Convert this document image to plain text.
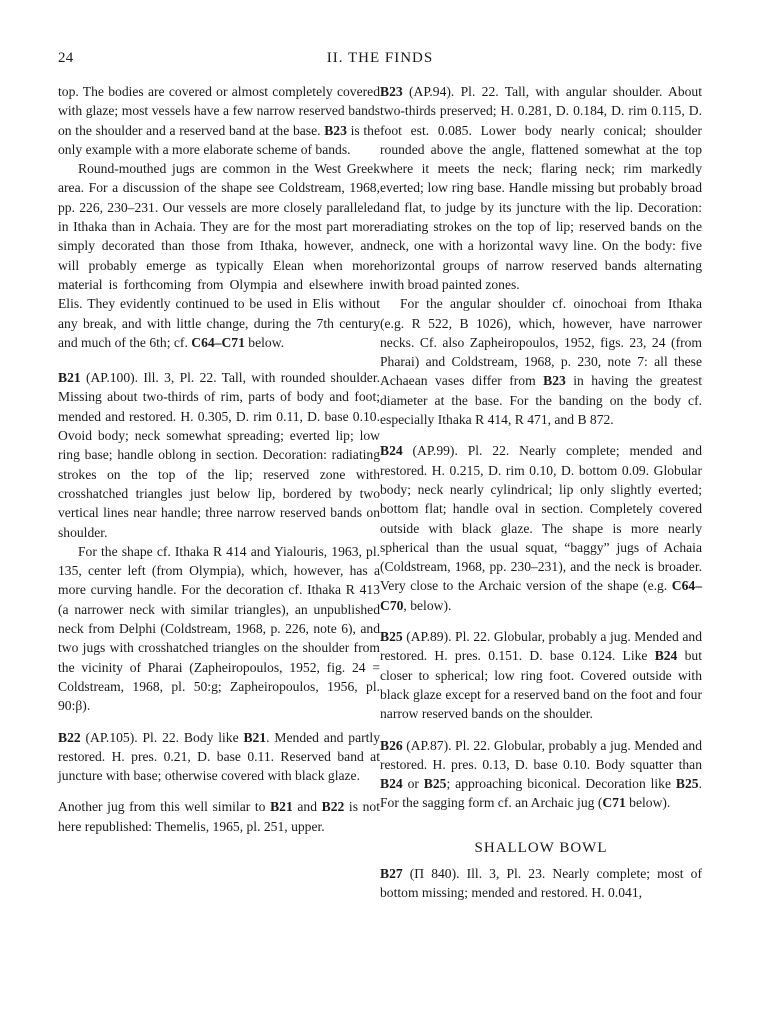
24	II. THE FINDS

top. The bodies are covered or almost completely covered with glaze; most vessels have a few narrow reserved bands on the shoulder and a reserved band at the base. B23 is the only example with a more elaborate scheme of bands.

Round-mouthed jugs are common in the West Greek area. For a discussion of the shape see Coldstream, 1968, pp. 226, 230–231. Our vessels are more closely paralleled in Ithaka than in Achaia. They are for the most part more simply decorated than those from Ithaka, however, and will probably emerge as typically Elean when more material is forthcoming from Olympia and elsewhere in Elis. They evidently continued to be used in Elis without any break, and with little change, during the 7th century and much of the 6th; cf. C64–C71 below.

B21 (AP.100). Ill. 3, Pl. 22. Tall, with rounded shoulder. Missing about two-thirds of rim, parts of body and foot; mended and restored. H. 0.305, D. rim 0.11, D. base 0.10. Ovoid body; neck somewhat spreading; everted lip; low ring base; handle oblong in section. Decoration: radiating strokes on the top of the lip; reserved zone with crosshatched triangles just below lip, bordered by two vertical lines near handle; three narrow reserved bands on shoulder.

For the shape cf. Ithaka R 414 and Yialouris, 1963, pl. 135, center left (from Olympia), which, however, has a more curving handle. For the decoration cf. Ithaka R 413 (a narrower neck with similar triangles), an unpublished neck from Delphi (Coldstream, 1968, p. 226, note 6), and two jugs with crosshatched triangles on the shoulder from the vicinity of Pharai (Zapheiropoulos, 1952, fig. 24 = Coldstream, 1968, pl. 50:g; Zapheiropoulos, 1956, pl. 90:β).

B22 (AP.105). Pl. 22. Body like B21. Mended and partly restored. H. pres. 0.21, D. base 0.11. Reserved band at juncture with base; otherwise covered with black glaze.

Another jug from this well similar to B21 and B22 is not here republished: Themelis, 1965, pl. 251, upper.

B23 (AP.94). Pl. 22. Tall, with angular shoulder. About two-thirds preserved; H. 0.281, D. 0.184, D. rim 0.115, D. foot est. 0.085. Lower body nearly conical; shoulder rounded above the angle, flattened somewhat at the top where it meets the neck; flaring neck; rim markedly everted; low ring base. Handle missing but probably broad and flat, to judge by its juncture with the lip. Decoration: radiating strokes on the top of lip; reserved bands on the neck, one with a horizontal wavy line. On the body: five horizontal groups of narrow reserved bands alternating with broad painted zones.

For the angular shoulder cf. oinochoai from Ithaka (e.g. R 522, B 1026), which, however, have narrower necks. Cf. also Zapheiropoulos, 1952, figs. 23, 24 (from Pharai) and Coldstream, 1968, p. 230, note 7: all these Achaean vases differ from B23 in having the greatest diameter at the base. For the banding on the body cf. especially Ithaka R 414, R 471, and B 872.

B24 (AP.99). Pl. 22. Nearly complete; mended and restored. H. 0.215, D. rim 0.10, D. bottom 0.09. Globular body; neck nearly cylindrical; lip only slightly everted; bottom flat; handle oval in section. Completely covered outside with black glaze. The shape is more nearly spherical than the usual squat, “baggy” jugs of Achaia (Coldstream, 1968, pp. 230–231), and the neck is broader. Very close to the Archaic version of the shape (e.g. C64–C70, below).

B25 (AP.89). Pl. 22. Globular, probably a jug. Mended and restored. H. pres. 0.151. D. base 0.124. Like B24 but closer to spherical; low ring foot. Covered outside with black glaze except for a reserved band on the foot and four narrow reserved bands on the shoulder.

B26 (AP.87). Pl. 22. Globular, probably a jug. Mended and restored. H. pres. 0.13, D. base 0.10. Body squatter than B24 or B25; approaching biconical. Decoration like B25. For the sagging form cf. an Archaic jug (C71 below).

SHALLOW BOWL

B27 (Π 840). Ill. 3, Pl. 23. Nearly complete; most of bottom missing; mended and restored. H. 0.041,
